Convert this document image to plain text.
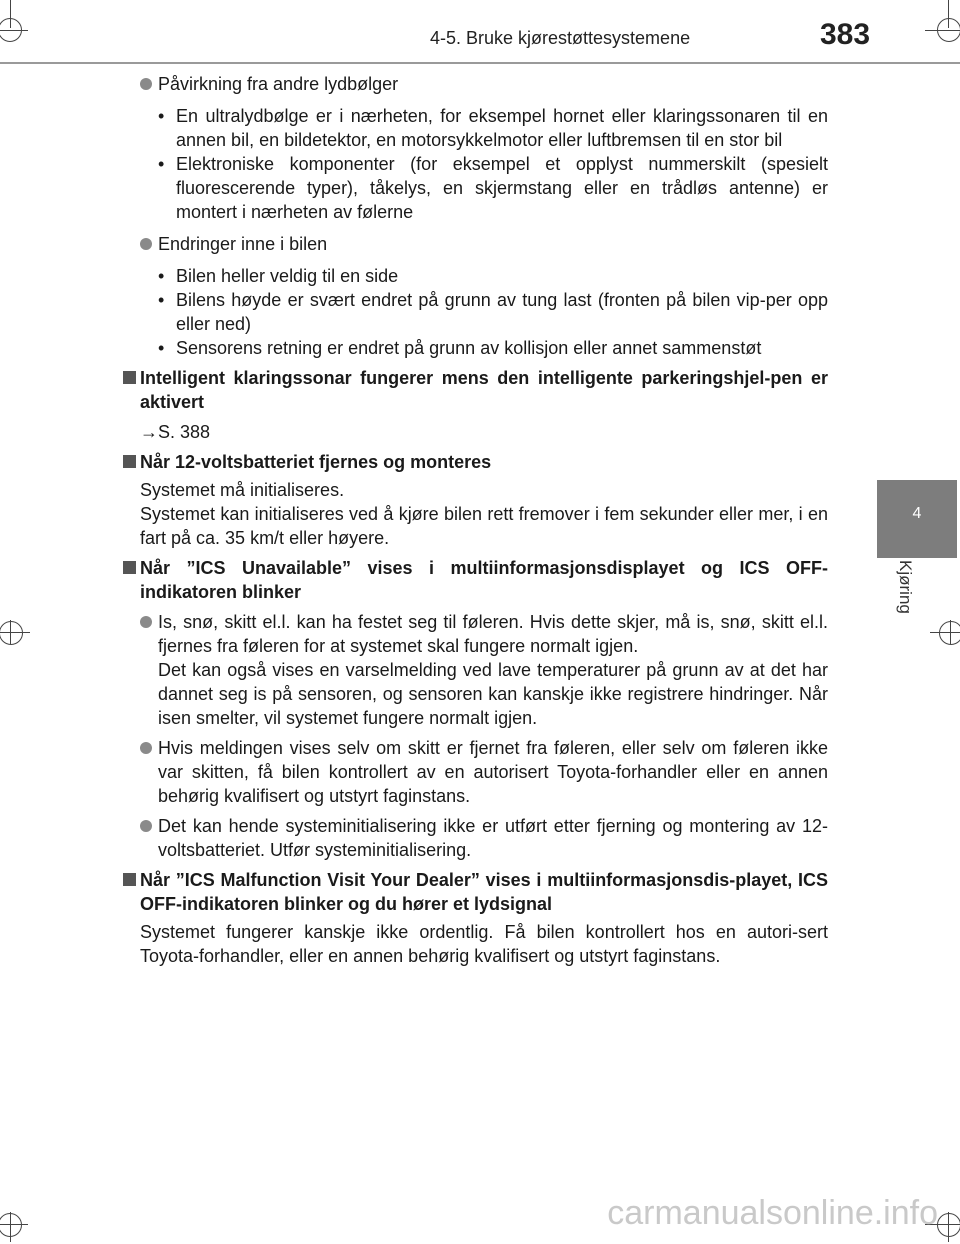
4-5. Bruke kjørestøttesystemene	383
4
Kjøring
Påvirkning fra andre lydbølger
• En ultralydbølge er i nærheten, for eksempel hornet eller klaringssonaren til en annen bil, en bildetektor, en motorsykkelmotor eller luftbremsen til en stor bil
• Elektroniske komponenter (for eksempel et opplyst nummerskilt (spesielt fluorescerende typer), tåkelys, en skjermstang eller en trådløs antenne) er montert i nærheten av følerne
Endringer inne i bilen
• Bilen heller veldig til en side
• Bilens høyde er svært endret på grunn av tung last (fronten på bilen vip-per opp eller ned)
• Sensorens retning er endret på grunn av kollisjon eller annet sammenstøt
Intelligent klaringssonar fungerer mens den intelligente parkeringshjel-pen er aktivert
→S. 388
Når 12-voltsbatteriet fjernes og monteres
Systemet må initialiseres.
Systemet kan initialiseres ved å kjøre bilen rett fremover i fem sekunder eller mer, i en fart på ca. 35 km/t eller høyere.
Når ”ICS Unavailable” vises i multiinformasjonsdisplayet og ICS OFF-indikatoren blinker
Is, snø, skitt el.l. kan ha festet seg til føleren. Hvis dette skjer, må is, snø, skitt el.l. fjernes fra føleren for at systemet skal fungere normalt igjen.
Det kan også vises en varselmelding ved lave temperaturer på grunn av at det har dannet seg is på sensoren, og sensoren kan kanskje ikke registrere hindringer. Når isen smelter, vil systemet fungere normalt igjen.
Hvis meldingen vises selv om skitt er fjernet fra føleren, eller selv om føleren ikke var skitten, få bilen kontrollert av en autorisert Toyota-forhandler eller en annen behørig kvalifisert og utstyrt faginstans.
Det kan hende systeminitialisering ikke er utført etter fjerning og montering av 12-voltsbatteriet. Utfør systeminitialisering.
Når ”ICS Malfunction Visit Your Dealer” vises i multiinformasjonsdis-playet, ICS OFF-indikatoren blinker og du hører et lydsignal
Systemet fungerer kanskje ikke ordentlig. Få bilen kontrollert hos en autori-sert Toyota-forhandler, eller en annen behørig kvalifisert og utstyrt faginstans.
carmanualsonline.info
